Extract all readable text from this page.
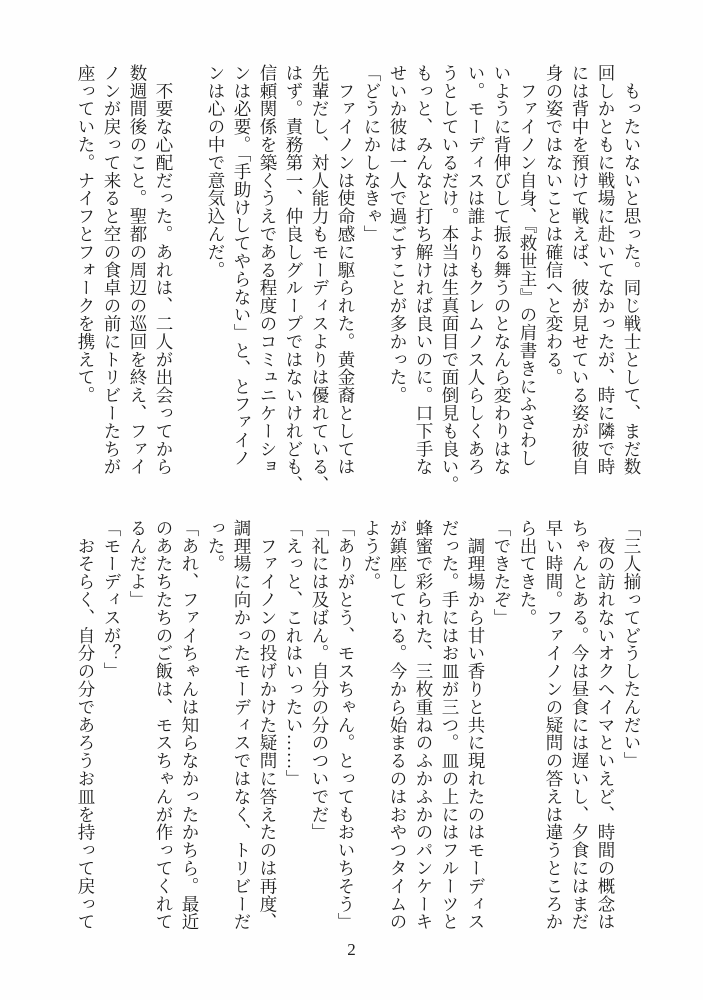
　もったいないと思った。同じ戦士として、まだ数
回しかともに戦場に赴いてなかったが、時に隣で時
には背中を預けて戦えば、彼が見せている姿が彼自
身の姿ではないことは確信へと変わる。
　ファイノン自身、『救世主』の肩書きにふさわし
いように背伸びして振る舞うのとなんら変わりはな
い。モーディスは誰よりもクレムノス人らしくあろ
うとしているだけ。本当は生真面目で面倒見も良い。
もっと、みんなと打ち解ければ良いのに。口下手な
せいか彼は一人で過ごすことが多かった。
「どうにかしなきゃ」
　ファイノンは使命感に駆られた。黄金裔としては
先輩だし、対人能力もモーディスよりは優れている、
はず。責務第一、仲良しグループではないけれども、
信頼関係を築くうえである程度のコミュニケーショ
ンは必要。「手助けしてやらない」と、とファイノ
ンは心の中で意気込んだ。

　不要な心配だった。あれは、二人が出会ってから
数週間後のこと。聖都の周辺の巡回を終え、ファイ
ノンが戻って来ると空の食卓の前にトリビーたちが
座っていた。ナイフとフォークを携えて。
「三人揃ってどうしたんだい」
　夜の訪れないオクヘイマといえど、時間の概念は
ちゃんとある。今は昼食には遅いし、夕食にはまだ
早い時間。ファイノンの疑問の答えは違うところか
ら出てきた。
「できたぞ」
　調理場から甘い香りと共に現れたのはモーディス
だった。手にはお皿が三つ。皿の上にはフルーツと
蜂蜜で彩られた、三枚重ねのふかふかのパンケーキ
が鎮座している。今から始まるのはおやつタイムの
ようだ。
「ありがとう、モスちゃん。とってもおいちそう」
「礼には及ばん。自分の分のついでだ」
「えっと、これはいったい……」
　ファイノンの投げかけた疑問に答えたのは再度、
調理場に向かったモーディスではなく、トリビーだ
った。
「あれ、ファイちゃんは知らなかったかちら。最近
のあたちたちのご飯は、モスちゃんが作ってくれて
るんだよ」
「モーディスが？」
　おそらく、自分の分であろうお皿を持って戻って
2
